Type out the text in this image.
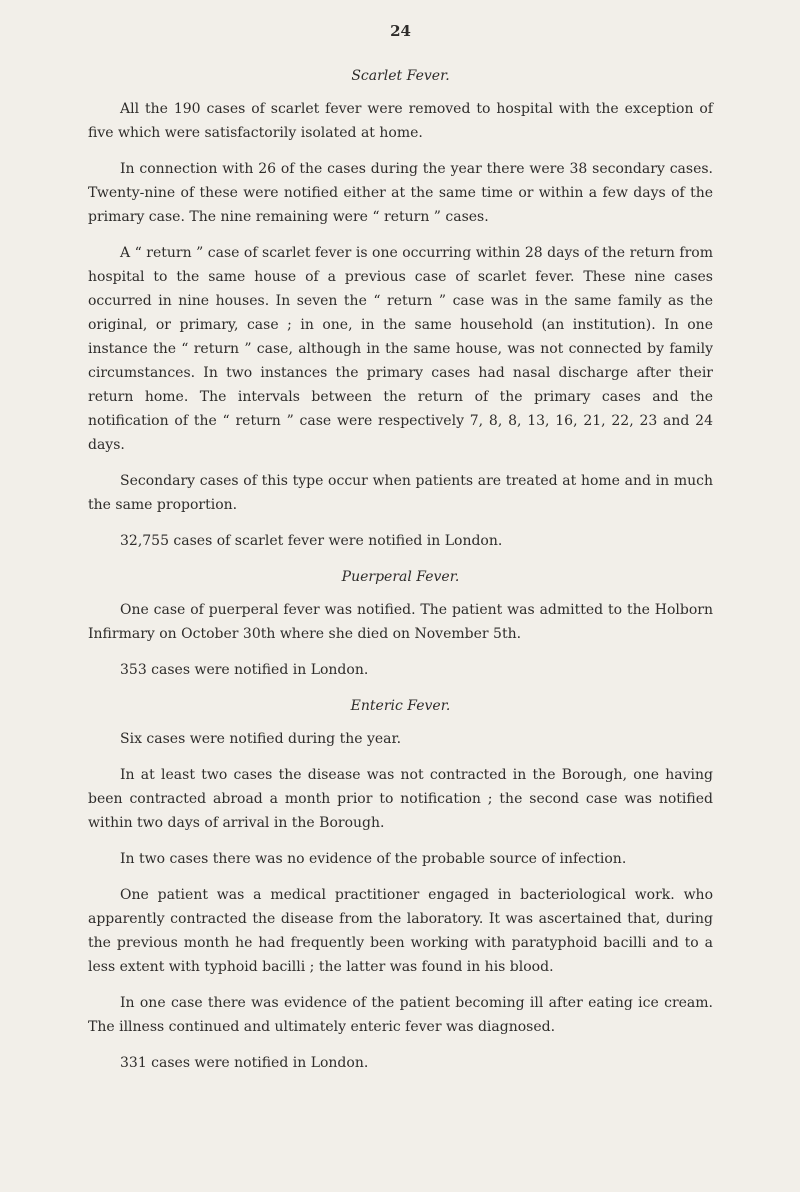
24
Scarlet Fever.

All the 190 cases of scarlet fever were removed to hospital with the exception of five which were satisfactorily isolated at home.

In connection with 26 of the cases during the year there were 38 secondary cases. Twenty-nine of these were notified either at the same time or within a few days of the primary case. The nine remaining were “ return ” cases.

A “ return ” case of scarlet fever is one occurring within 28 days of the return from hospital to the same house of a previous case of scarlet fever. These nine cases occurred in nine houses. In seven the “ return ” case was in the same family as the original, or primary, case ; in one, in the same household (an institution). In one instance the “ return ” case, although in the same house, was not connected by family circumstances. In two instances the primary cases had nasal discharge after their return home. The intervals between the return of the primary cases and the notification of the “ return ” case were respectively 7, 8, 8, 13, 16, 21, 22, 23 and 24 days.

Secondary cases of this type occur when patients are treated at home and in much the same proportion.

32,755 cases of scarlet fever were notified in London.

Puerperal Fever.

One case of puerperal fever was notified. The patient was admitted to the Holborn Infirmary on October 30th where she died on November 5th.

353 cases were notified in London.

Enteric Fever.

Six cases were notified during the year.

In at least two cases the disease was not contracted in the Borough, one having been contracted abroad a month prior to notification ; the second case was notified within two days of arrival in the Borough.

In two cases there was no evidence of the probable source of infection.

One patient was a medical practitioner engaged in bacteriological work. who apparently contracted the disease from the laboratory. It was ascertained that, during the previous month he had frequently been working with paratyphoid bacilli and to a less extent with typhoid bacilli ; the latter was found in his blood.

In one case there was evidence of the patient becoming ill after eating ice cream. The illness continued and ultimately enteric fever was diagnosed.

331 cases were notified in London.
